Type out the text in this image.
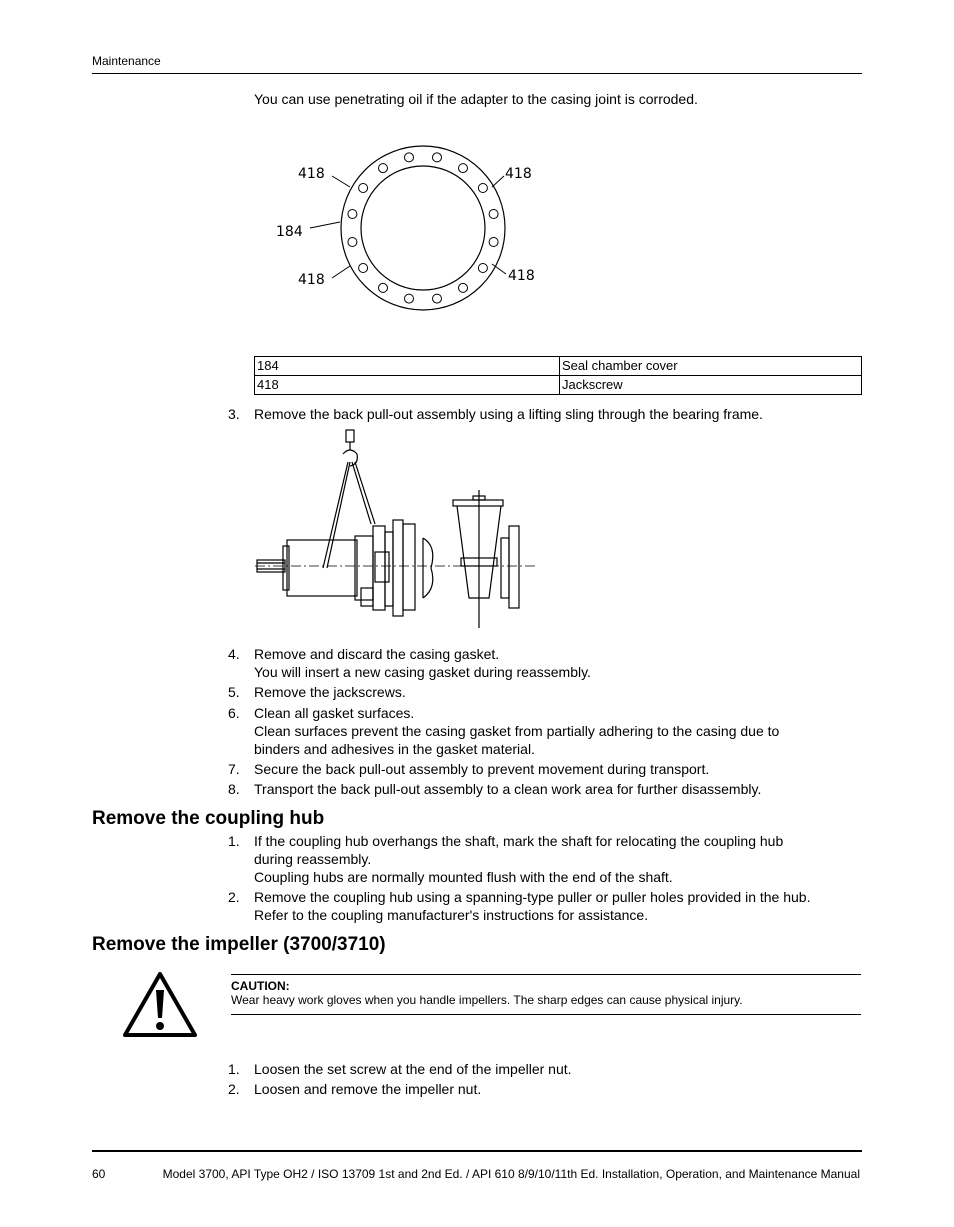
Maintenance
You can use penetrating oil if the adapter to the casing joint is corroded.
418	418
184
418	418
184	Seal chamber cover
418	Jackscrew
3.	Remove the back pull-out assembly using a lifting sling through the bearing frame.
4.	Remove and discard the casing gasket.
You will insert a new casing gasket during reassembly.
5.	Remove the jackscrews.
6.	Clean all gasket surfaces.
Clean surfaces prevent the casing gasket from partially adhering to the casing due to
binders and adhesives in the gasket material.
7.	Secure the back pull-out assembly to prevent movement during transport.
8.	Transport the back pull-out assembly to a clean work area for further disassembly.
Remove the coupling hub
1.	If the coupling hub overhangs the shaft, mark the shaft for relocating the coupling hub
during reassembly.
Coupling hubs are normally mounted flush with the end of the shaft.
2.	Remove the coupling hub using a spanning-type puller or puller holes provided in the hub.
Refer to the coupling manufacturer's instructions for assistance.
Remove the impeller (3700/3710)
CAUTION:
Wear heavy work gloves when you handle impellers. The sharp edges can cause physical injury.
1.	Loosen the set screw at the end of the impeller nut.
2.	Loosen and remove the impeller nut.
60	Model 3700, API Type OH2 / ISO 13709 1st and 2nd Ed. / API 610 8/9/10/11th Ed. Installation, Operation, and Maintenance Manual
